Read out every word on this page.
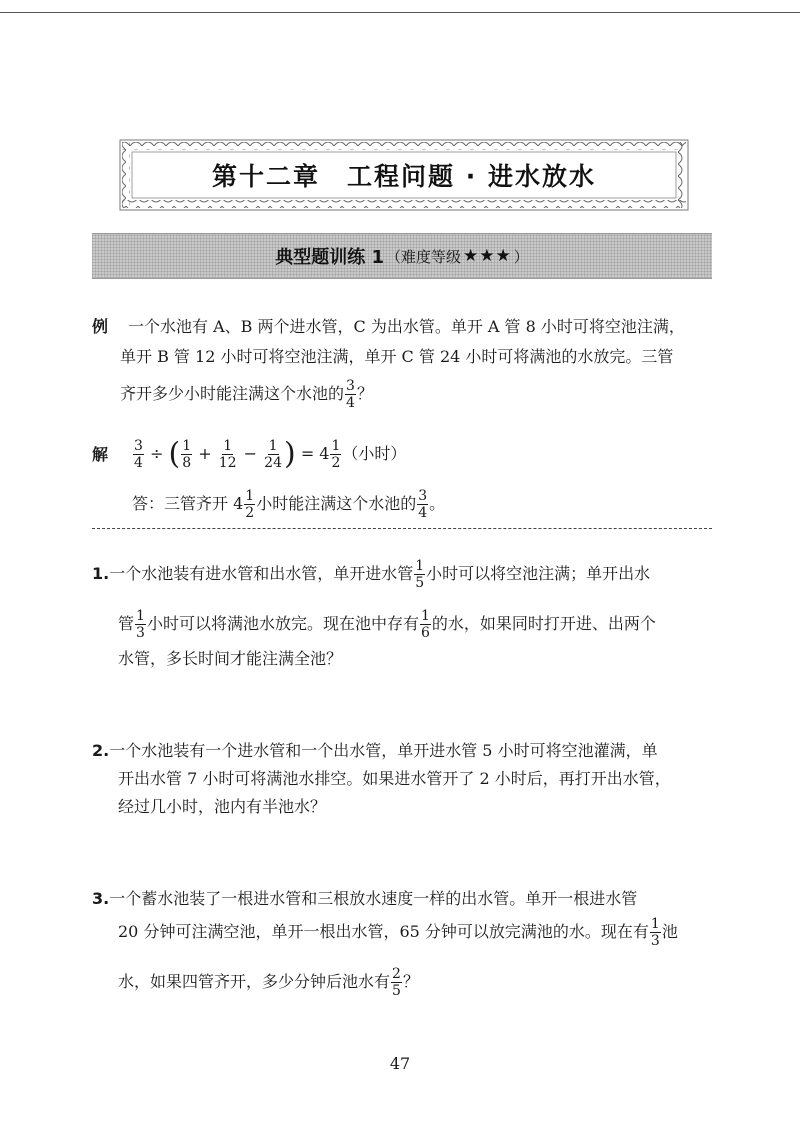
第十二章　工程问题 · 进水放水
典型题训练 1 （难度等级 ★★★ ）
例 一个水池有 A、B 两个进水管，C 为出水管。单开 A 管 8 小时可将空池注满，
单开 B 管 12 小时可将空池注满，单开 C 管 24 小时可将满池的水放完。三管
齐开多少小时能注满这个水池的 $\frac{3}{4}$ ？
解 $\frac{3}{4}$ ÷ ( $\frac{1}{8} + \frac{1}{12} - \frac{1}{24}$ ) = $4 \frac{1}{2}$ （小时）
答：三管齐开 $4 \frac{1}{2}$ 小时能注满这个水池的 $\frac{3}{4}$ 。
1.一个水池装有进水管和出水管，单开进水管 $\frac{1}{5}$ 小时可以将空池注满；单开出水
管 $\frac{1}{3}$ 小时可以将满池水放完。现在池中存有 $\frac{1}{6}$ 的水，如果同时打开进、出两个
水管，多长时间才能注满全池？
2.一个水池装有一个进水管和一个出水管，单开进水管 5 小时可将空池灌满，单
开出水管 7 小时可将满池水排空。如果进水管开了 2 小时后，再打开出水管，
经过几小时，池内有半池水？
3.一个蓄水池装了一根进水管和三根放水速度一样的出水管。单开一根进水管
20 分钟可注满空池，单开一根出水管，65 分钟可以放完满池的水。现在有 $\frac{1}{3}$ 池
水，如果四管齐开，多少分钟后池水有 $\frac{2}{5}$ ？
47
